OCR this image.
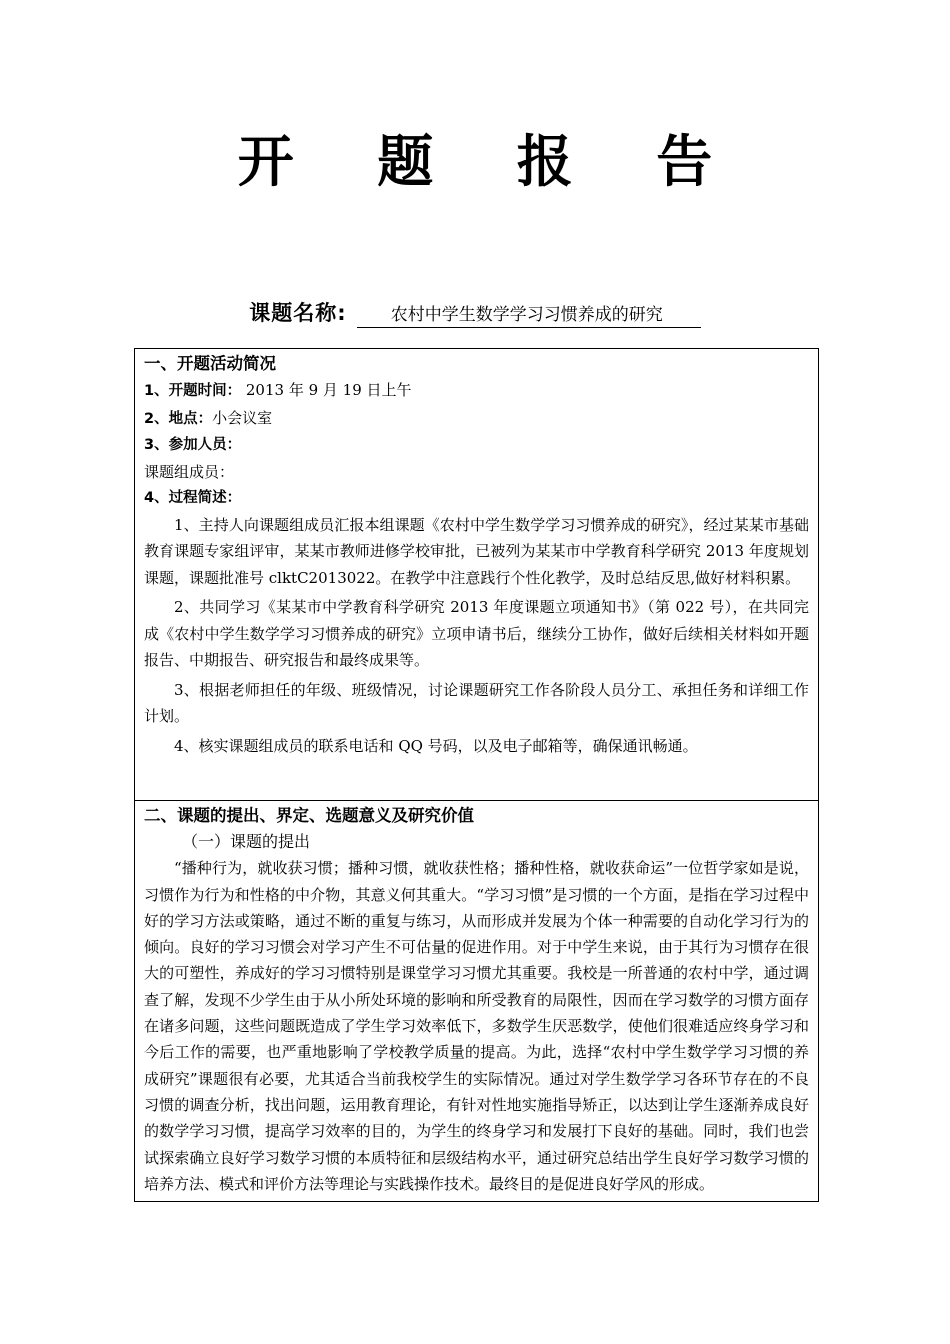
开 题 报 告
课题名称:	农村中学生数学学习习惯养成的研究
一、开题活动简况
1、开题时间： 2013 年 9 月 19 日上午
2、地点：小会议室
3、参加人员：
课题组成员：
4、过程简述：

1、主持人向课题组成员汇报本组课题《农村中学生数学学习习惯养成的研究》，经过某某市基础教育课题专家组评审，某某市教师进修学校审批，已被列为某某市中学教育科学研究 2013 年度规划课题，课题批准号 clktC2013022。在教学中注意践行个性化教学，及时总结反思,做好材料积累。

2、共同学习《某某市中学教育科学研究 2013 年度课题立项通知书》（第 022 号），在共同完成《农村中学生数学学习习惯养成的研究》立项申请书后，继续分工协作，做好后续相关材料如开题报告、中期报告、研究报告和最终成果等。

3、根据老师担任的年级、班级情况，讨论课题研究工作各阶段人员分工、承担任务和详细工作计划。

4、核实课题组成员的联系电话和 QQ 号码，以及电子邮箱等，确保通讯畅通。

二、课题的提出、界定、选题意义及研究价值
（一）课题的提出

“播种行为，就收获习惯；播种习惯，就收获性格；播种性格，就收获命运”一位哲学家如是说，习惯作为行为和性格的中介物，其意义何其重大。“学习习惯”是习惯的一个方面，是指在学习过程中好的学习方法或策略，通过不断的重复与练习，从而形成并发展为个体一种需要的自动化学习行为的倾向。良好的学习习惯会对学习产生不可估量的促进作用。对于中学生来说，由于其行为习惯存在很大的可塑性，养成好的学习习惯特别是课堂学习习惯尤其重要。我校是一所普通的农村中学，通过调查了解，发现不少学生由于从小所处环境的影响和所受教育的局限性，因而在学习数学的习惯方面存在诸多问题，这些问题既造成了学生学习效率低下，多数学生厌恶数学，使他们很难适应终身学习和今后工作的需要，也严重地影响了学校教学质量的提高。为此，选择“农村中学生数学学习习惯的养成研究”课题很有必要，尤其适合当前我校学生的实际情况。通过对学生数学学习各环节存在的不良习惯的调查分析，找出问题，运用教育理论，有针对性地实施指导矫正，以达到让学生逐渐养成良好的数学学习习惯，提高学习效率的目的，为学生的终身学习和发展打下良好的基础。同时，我们也尝试探索确立良好学习数学习惯的本质特征和层级结构水平，通过研究总结出学生良好学习数学习惯的培养方法、模式和评价方法等理论与实践操作技术。最终目的是促进良好学风的形成。
